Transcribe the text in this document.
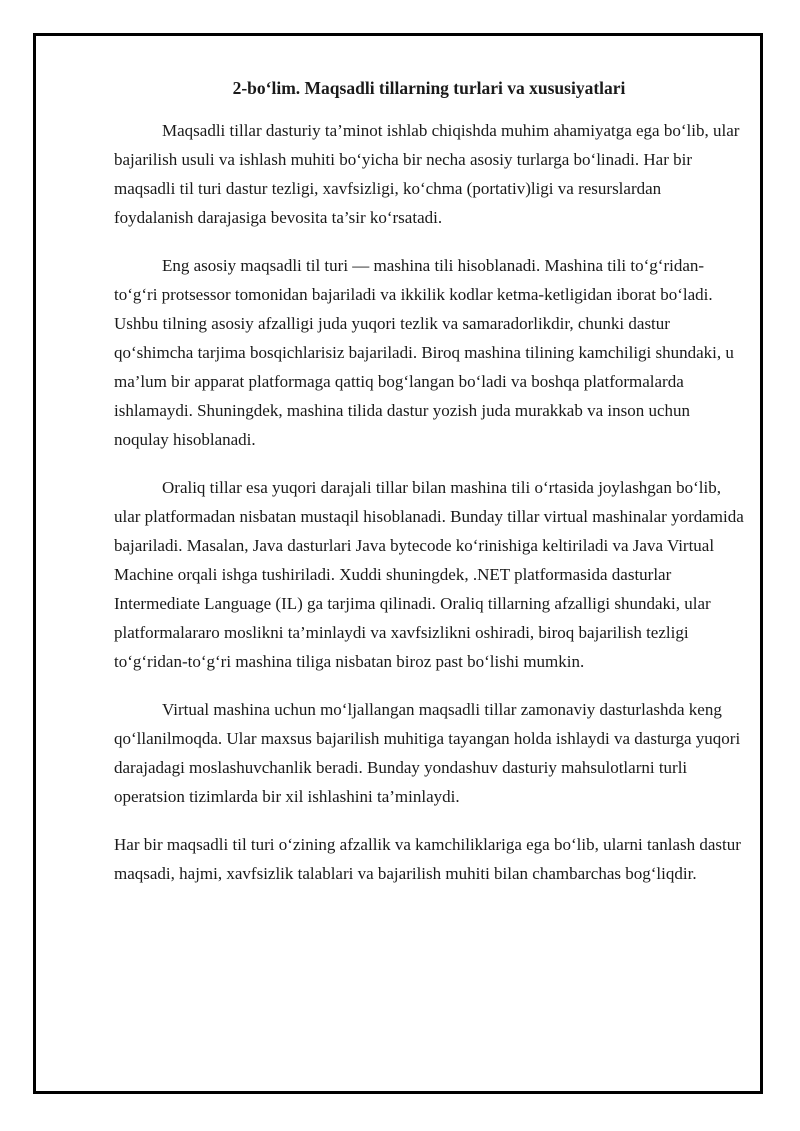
2-bo‘lim. Maqsadli tillarning turlari va xususiyatlari

Maqsadli tillar dasturiy ta’minot ishlab chiqishda muhim ahamiyatga ega bo‘lib, ular bajarilish usuli va ishlash muhiti bo‘yicha bir necha asosiy turlarga bo‘linadi. Har bir maqsadli til turi dastur tezligi, xavfsizligi, ko‘chma (portativ)ligi va resurslardan foydalanish darajasiga bevosita ta’sir ko‘rsatadi.

Eng asosiy maqsadli til turi — mashina tili hisoblanadi. Mashina tili to‘g‘ridan-to‘g‘ri protsessor tomonidan bajariladi va ikkilik kodlar ketma-ketligidan iborat bo‘ladi. Ushbu tilning asosiy afzalligi juda yuqori tezlik va samaradorlikdir, chunki dastur qo‘shimcha tarjima bosqichlarisiz bajariladi. Biroq mashina tilining kamchiligi shundaki, u ma’lum bir apparat platformaga qattiq bog‘langan bo‘ladi va boshqa platformalarda ishlamaydi. Shuningdek, mashina tilida dastur yozish juda murakkab va inson uchun noqulay hisoblanadi.

Oraliq tillar esa yuqori darajali tillar bilan mashina tili o‘rtasida joylashgan bo‘lib, ular platformadan nisbatan mustaqil hisoblanadi. Bunday tillar virtual mashinalar yordamida bajariladi. Masalan, Java dasturlari Java bytecode ko‘rinishiga keltiriladi va Java Virtual Machine orqali ishga tushiriladi. Xuddi shuningdek, .NET platformasida dasturlar Intermediate Language (IL) ga tarjima qilinadi. Oraliq tillarning afzalligi shundaki, ular platformalararo moslikni ta’minlaydi va xavfsizlikni oshiradi, biroq bajarilish tezligi to‘g‘ridan-to‘g‘ri mashina tiliga nisbatan biroz past bo‘lishi mumkin.

Virtual mashina uchun mo‘ljallangan maqsadli tillar zamonaviy dasturlashda keng qo‘llanilmoqda. Ular maxsus bajarilish muhitiga tayangan holda ishlaydi va dasturga yuqori darajadagi moslashuvchanlik beradi. Bunday yondashuv dasturiy mahsulotlarni turli operatsion tizimlarda bir xil ishlashini ta’minlaydi.

Har bir maqsadli til turi o‘zining afzallik va kamchiliklariga ega bo‘lib, ularni tanlash dastur maqsadi, hajmi, xavfsizlik talablari va bajarilish muhiti bilan chambarchas bog‘liqdir.
